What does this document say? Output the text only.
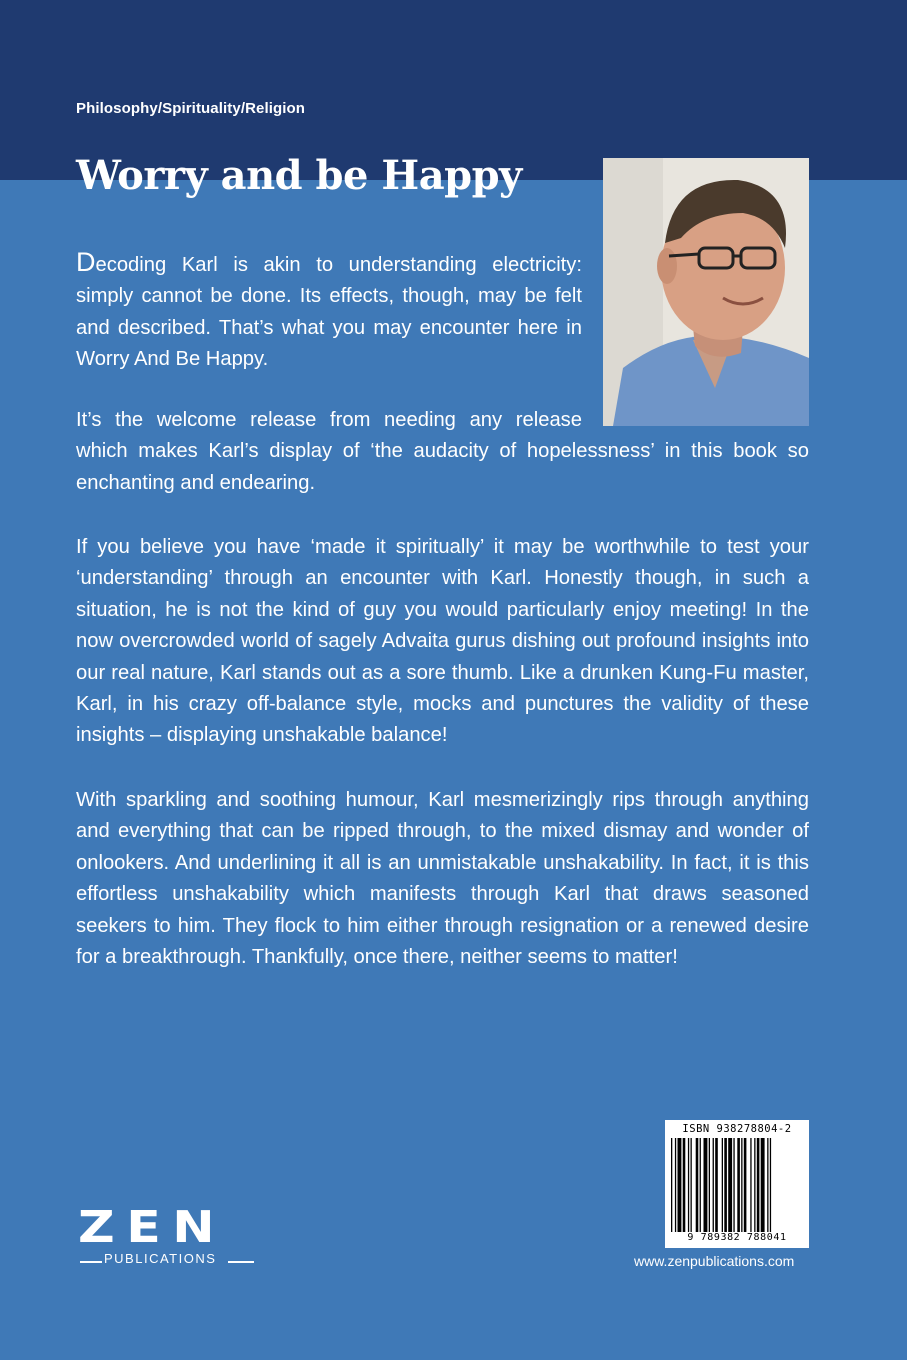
Philosophy/Spirituality/Religion
Worry and be Happy
Decoding Karl is akin to understanding electricity: simply cannot be done. Its effects, though, may be felt and described. That’s what you may encounter here in Worry And Be Happy.
It’s the welcome release from needing any release
which makes Karl’s display of ‘the audacity of hopelessness’ in this book so enchanting and endearing.
If you believe you have ‘made it spiritually’ it may be worthwhile to test your ‘understanding’ through an encounter with Karl. Honestly though, in such a situation, he is not the kind of guy you would particularly enjoy meeting! In the now overcrowded world of sagely Advaita gurus dishing out profound insights into our real nature, Karl stands out as a sore thumb. Like a drunken Kung-Fu master, Karl, in his crazy off-balance style, mocks and punctures the validity of these insights – displaying unshakable balance!
With sparkling and soothing humour, Karl mesmerizingly rips through anything and everything that can be ripped through, to the mixed dismay and wonder of onlookers. And underlining it all is an unmistakable unshakability. In fact, it is this effortless unshakability which manifests through Karl that draws seasoned seekers to him. They flock to him either through resignation or a renewed desire for a breakthrough. Thankfully, once there, neither seems to matter!
ZEN
PUBLICATIONS
ISBN 938278804-2
9 789382 788041
www.zenpublications.com
